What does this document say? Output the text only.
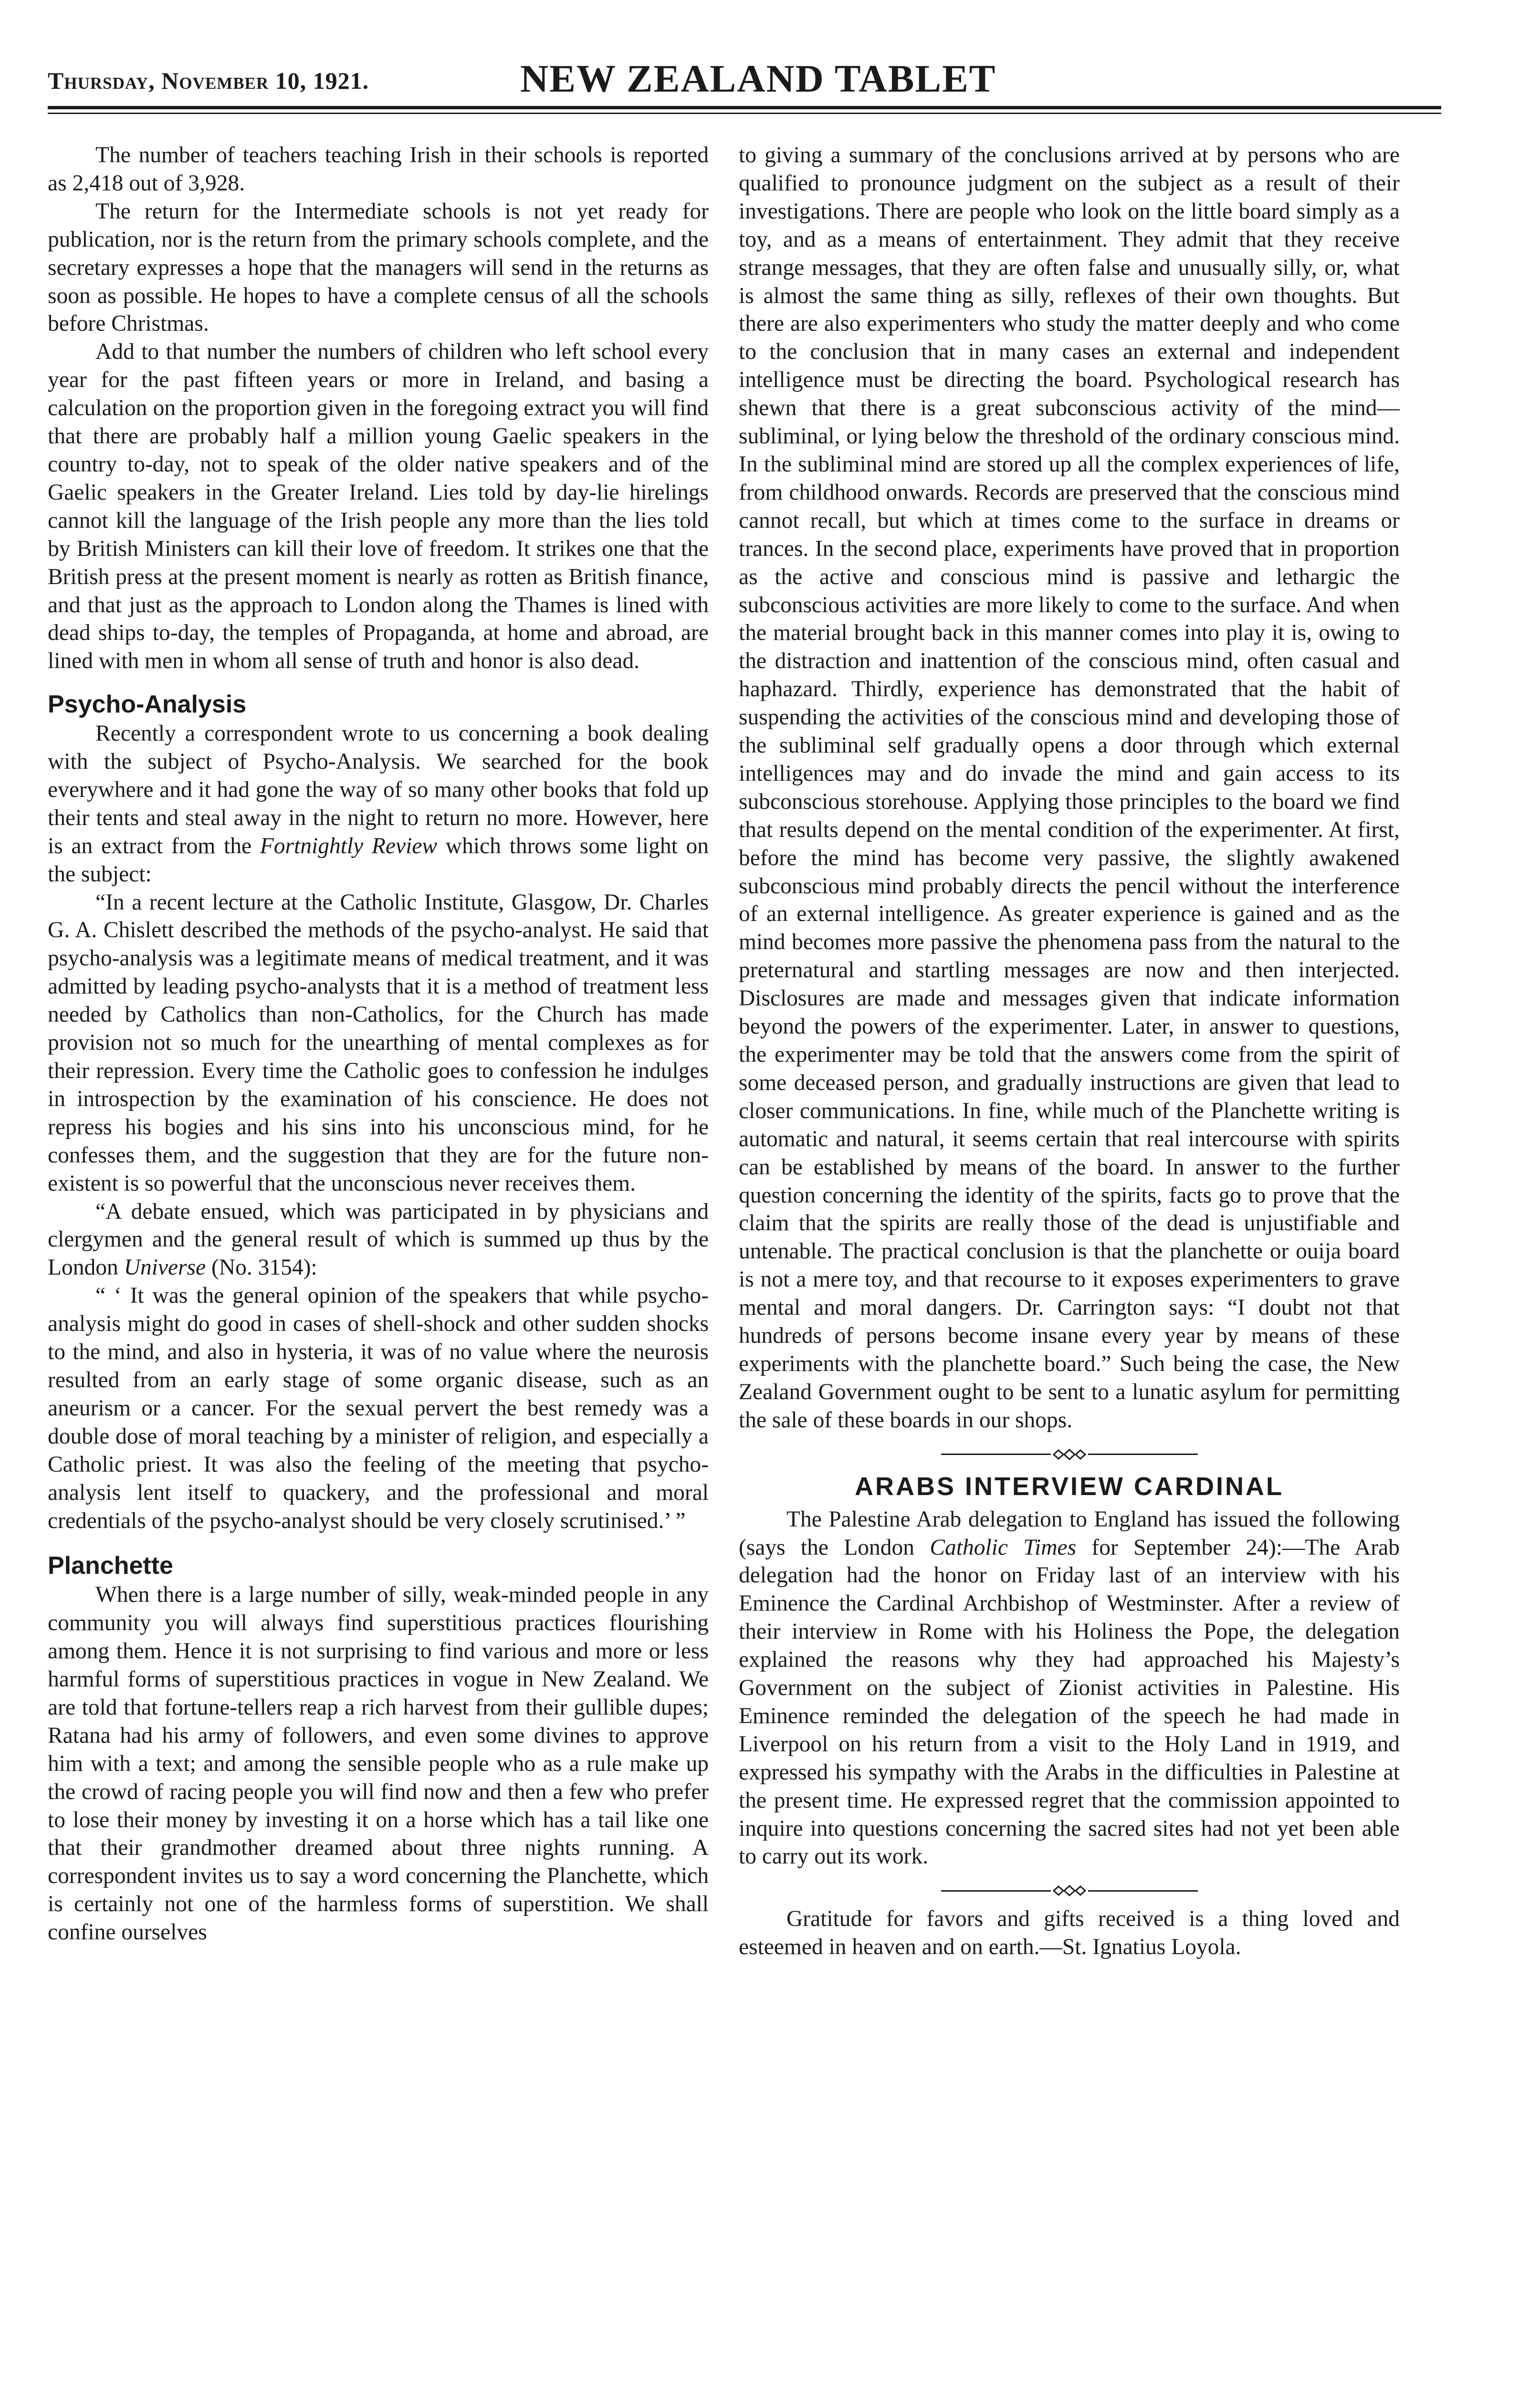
Thursday, November 10, 1921.	NEW ZEALAND TABLET

The number of teachers teaching Irish in their schools is reported as 2,418 out of 3,928.

The return for the Intermediate schools is not yet ready for publication, nor is the return from the primary schools complete, and the secretary expresses a hope that the managers will send in the returns as soon as possible. He hopes to have a complete census of all the schools before Christmas.

Add to that number the numbers of children who left school every year for the past fifteen years or more in Ireland, and basing a calculation on the proportion given in the foregoing extract you will find that there are probably half a million young Gaelic speakers in the country to-day, not to speak of the older native speakers and of the Gaelic speakers in the Greater Ireland. Lies told by day-lie hirelings cannot kill the language of the Irish people any more than the lies told by British Ministers can kill their love of freedom. It strikes one that the British press at the present moment is nearly as rotten as British finance, and that just as the approach to London along the Thames is lined with dead ships to-day, the temples of Propaganda, at home and abroad, are lined with men in whom all sense of truth and honor is also dead.

Psycho-Analysis

Recently a correspondent wrote to us concerning a book dealing with the subject of Psycho-Analysis. We searched for the book everywhere and it had gone the way of so many other books that fold up their tents and steal away in the night to return no more. However, here is an extract from the Fortnightly Review which throws some light on the subject:

“In a recent lecture at the Catholic Institute, Glasgow, Dr. Charles G. A. Chislett described the methods of the psycho-analyst. He said that psycho-analysis was a legitimate means of medical treatment, and it was admitted by leading psycho-analysts that it is a method of treatment less needed by Catholics than non-Catholics, for the Church has made provision not so much for the unearthing of mental complexes as for their repression. Every time the Catholic goes to confession he indulges in introspection by the examination of his conscience. He does not repress his bogies and his sins into his unconscious mind, for he confesses them, and the suggestion that they are for the future non-existent is so powerful that the unconscious never receives them.

“A debate ensued, which was participated in by physicians and clergymen and the general result of which is summed up thus by the London Universe (No. 3154):

“ ‘ It was the general opinion of the speakers that while psycho-analysis might do good in cases of shell-shock and other sudden shocks to the mind, and also in hysteria, it was of no value where the neurosis resulted from an early stage of some organic disease, such as an aneurism or a cancer. For the sexual pervert the best remedy was a double dose of moral teaching by a minister of religion, and especially a Catholic priest. It was also the feeling of the meeting that psycho-analysis lent itself to quackery, and the professional and moral credentials of the psycho-analyst should be very closely scrutinised.’ ”

Planchette

When there is a large number of silly, weak-minded people in any community you will always find superstitious practices flourishing among them. Hence it is not surprising to find various and more or less harmful forms of superstitious practices in vogue in New Zealand. We are told that fortune-tellers reap a rich harvest from their gullible dupes; Ratana had his army of followers, and even some divines to approve him with a text; and among the sensible people who as a rule make up the crowd of racing people you will find now and then a few who prefer to lose their money by investing it on a horse which has a tail like one that their grandmother dreamed about three nights running. A correspondent invites us to say a word concerning the Planchette, which is certainly not one of the harmless forms of superstition. We shall confine ourselves

to giving a summary of the conclusions arrived at by persons who are qualified to pronounce judgment on the subject as a result of their investigations. There are people who look on the little board simply as a toy, and as a means of entertainment. They admit that they receive strange messages, that they are often false and unusually silly, or, what is almost the same thing as silly, reflexes of their own thoughts. But there are also experimenters who study the matter deeply and who come to the conclusion that in many cases an external and independent intelligence must be directing the board. Psychological research has shewn that there is a great subconscious activity of the mind—subliminal, or lying below the threshold of the ordinary conscious mind. In the subliminal mind are stored up all the complex experiences of life, from childhood onwards. Records are preserved that the conscious mind cannot recall, but which at times come to the surface in dreams or trances. In the second place, experiments have proved that in proportion as the active and conscious mind is passive and lethargic the subconscious activities are more likely to come to the surface. And when the material brought back in this manner comes into play it is, owing to the distraction and inattention of the conscious mind, often casual and haphazard. Thirdly, experience has demonstrated that the habit of suspending the activities of the conscious mind and developing those of the subliminal self gradually opens a door through which external intelligences may and do invade the mind and gain access to its subconscious storehouse. Applying those principles to the board we find that results depend on the mental condition of the experimenter. At first, before the mind has become very passive, the slightly awakened subconscious mind probably directs the pencil without the interference of an external intelligence. As greater experience is gained and as the mind becomes more passive the phenomena pass from the natural to the preternatural and startling messages are now and then interjected. Disclosures are made and messages given that indicate information beyond the powers of the experimenter. Later, in answer to questions, the experimenter may be told that the answers come from the spirit of some deceased person, and gradually instructions are given that lead to closer communications. In fine, while much of the Planchette writing is automatic and natural, it seems certain that real intercourse with spirits can be established by means of the board. In answer to the further question concerning the identity of the spirits, facts go to prove that the claim that the spirits are really those of the dead is unjustifiable and untenable. The practical conclusion is that the planchette or ouija board is not a mere toy, and that recourse to it exposes experimenters to grave mental and moral dangers. Dr. Carrington says: “I doubt not that hundreds of persons become insane every year by means of these experiments with the planchette board.” Such being the case, the New Zealand Government ought to be sent to a lunatic asylum for permitting the sale of these boards in our shops.

ARABS INTERVIEW CARDINAL

The Palestine Arab delegation to England has issued the following (says the London Catholic Times for September 24):—The Arab delegation had the honor on Friday last of an interview with his Eminence the Cardinal Archbishop of Westminster. After a review of their interview in Rome with his Holiness the Pope, the delegation explained the reasons why they had approached his Majesty’s Government on the subject of Zionist activities in Palestine. His Eminence reminded the delegation of the speech he had made in Liverpool on his return from a visit to the Holy Land in 1919, and expressed his sympathy with the Arabs in the difficulties in Palestine at the present time. He expressed regret that the commission appointed to inquire into questions concerning the sacred sites had not yet been able to carry out its work.

Gratitude for favors and gifts received is a thing loved and esteemed in heaven and on earth.—St. Ignatius Loyola.
